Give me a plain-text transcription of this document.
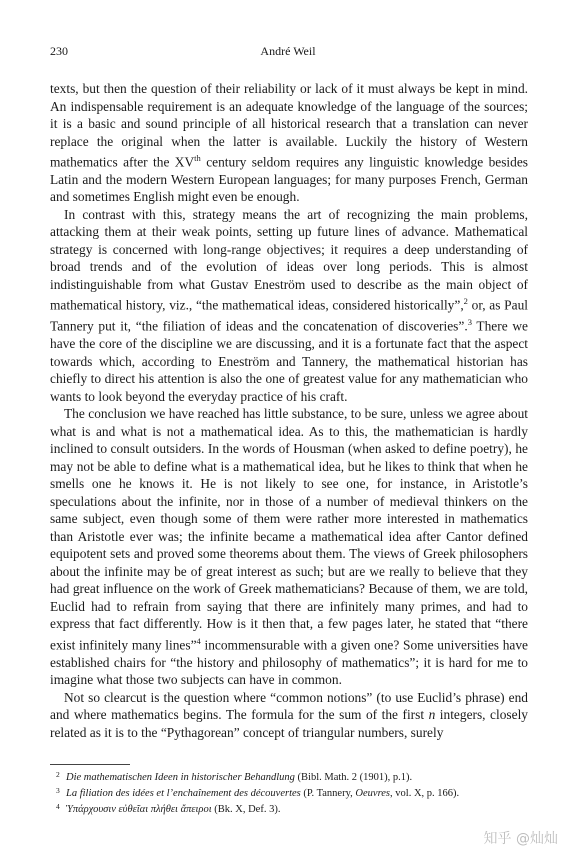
230	André Weil

texts, but then the question of their reliability or lack of it must always be kept in mind. An indispensable requirement is an adequate knowledge of the language of the sources; it is a basic and sound principle of all historical research that a translation can never replace the original when the latter is available. Luckily the history of Western mathematics after the XVth century seldom requires any linguistic knowledge besides Latin and the modern Western European languages; for many purposes French, German and sometimes English might even be enough.

In contrast with this, strategy means the art of recognizing the main problems, attacking them at their weak points, setting up future lines of advance. Mathematical strategy is concerned with long-range objectives; it requires a deep understanding of broad trends and of the evolution of ideas over long periods. This is almost indistinguishable from what Gustav Eneström used to describe as the main object of mathematical history, viz., “the mathematical ideas, considered historically”,$^2$ or, as Paul Tannery put it, “the filiation of ideas and the concatenation of discoveries”.$^3$ There we have the core of the discipline we are discussing, and it is a fortunate fact that the aspect towards which, according to Eneström and Tannery, the mathematical historian has chiefly to direct his attention is also the one of greatest value for any mathematician who wants to look beyond the everyday practice of his craft.

The conclusion we have reached has little substance, to be sure, unless we agree about what is and what is not a mathematical idea. As to this, the mathematician is hardly inclined to consult outsiders. In the words of Housman (when asked to define poetry), he may not be able to define what is a mathematical idea, but he likes to think that when he smells one he knows it. He is not likely to see one, for instance, in Aristotle’s speculations about the infinite, nor in those of a number of medieval thinkers on the same subject, even though some of them were rather more interested in mathematics than Aristotle ever was; the infinite became a mathematical idea after Cantor defined equipotent sets and proved some theorems about them. The views of Greek philosophers about the infinite may be of great interest as such; but are we really to believe that they had great influence on the work of Greek mathematicians? Because of them, we are told, Euclid had to refrain from saying that there are infinitely many primes, and had to express that fact differently. How is it then that, a few pages later, he stated that “there exist infinitely many lines”$^4$ incommensurable with a given one? Some universities have established chairs for “the history and philosophy of mathematics”; it is hard for me to imagine what those two subjects can have in common.

Not so clearcut is the question where “common notions” (to use Euclid’s phrase) end and where mathematics begins. The formula for the sum of the first n integers, closely related as it is to the “Pythagorean” concept of triangular numbers, surely

2 Die mathematischen Ideen in historischer Behandlung (Bibl. Math. 2 (1901), p.1).

3 La filiation des idées et l’enchaînement des découvertes (P. Tannery, Oeuvres, vol. X, p. 166).

4 Ὑπάρχουσιν εὐθεῖαι πλήθει ἄπειροι (Bk. X, Def. 3).

知乎 @灿灿
